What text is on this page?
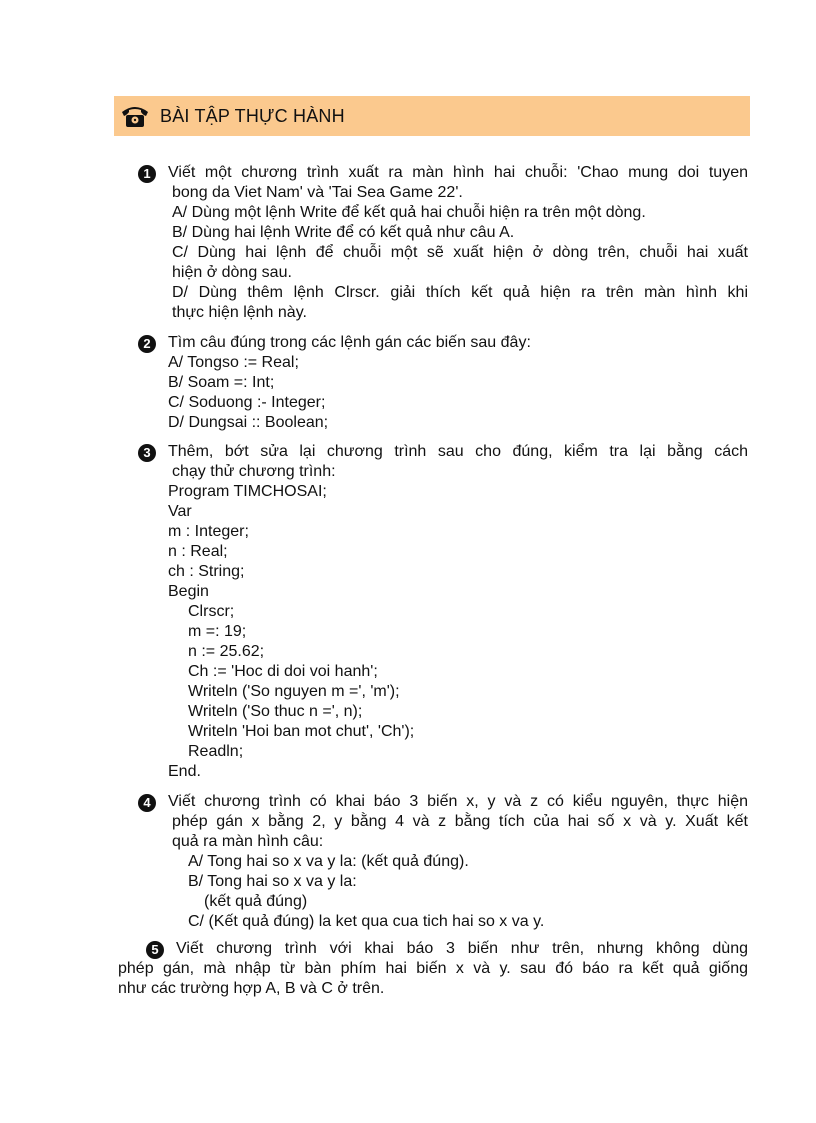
BÀI TẬP THỰC HÀNH
1	Viết một chương trình xuất ra màn hình hai chuỗi: 'Chao mung doi tuyen
bong da Viet Nam' và 'Tai Sea Game 22'.
A/ Dùng một lệnh Write để kết quả hai chuỗi hiện ra trên một dòng.
B/ Dùng hai lệnh Write để có kết quả như câu A.
C/ Dùng hai lệnh để chuỗi một sẽ xuất hiện ở dòng trên, chuỗi hai xuất
hiện ở dòng sau.
D/ Dùng thêm lệnh Clrscr. giải thích kết quả hiện ra trên màn hình khi
thực hiện lệnh này.
2	Tìm câu đúng trong các lệnh gán các biến sau đây:
A/ Tongso := Real;
B/ Soam =: Int;
C/ Soduong :- Integer;
D/ Dungsai :: Boolean;
3	Thêm, bớt sửa lại chương trình sau cho đúng, kiểm tra lại bằng cách
chạy thử chương trình:
Program TIMCHOSAI;
Var
m : Integer;
n : Real;
ch : String;
Begin
Clrscr;
m =: 19;
n := 25.62;
Ch := 'Hoc di doi voi hanh';
Writeln ('So nguyen m =', 'm');
Writeln ('So thuc n =', n);
Writeln 'Hoi ban mot chut', 'Ch');
Readln;
End.
4	Viết chương trình có khai báo 3 biến x, y và z có kiểu nguyên, thực hiện
phép gán x bằng 2, y bằng 4 và z bằng tích của hai số x và y. Xuất kết
quả ra màn hình câu:
A/ Tong hai so x va y la: (kết quả đúng).
B/ Tong hai so x va y la:
(kết quả đúng)
C/ (Kết quả đúng) la ket qua cua tich hai so x va y.
5	Viết chương trình với khai báo 3 biến như trên, nhưng không dùng
phép gán, mà nhập từ bàn phím hai biến x và y. sau đó báo ra kết quả giống
như các trường hợp A, B và C ở trên.
